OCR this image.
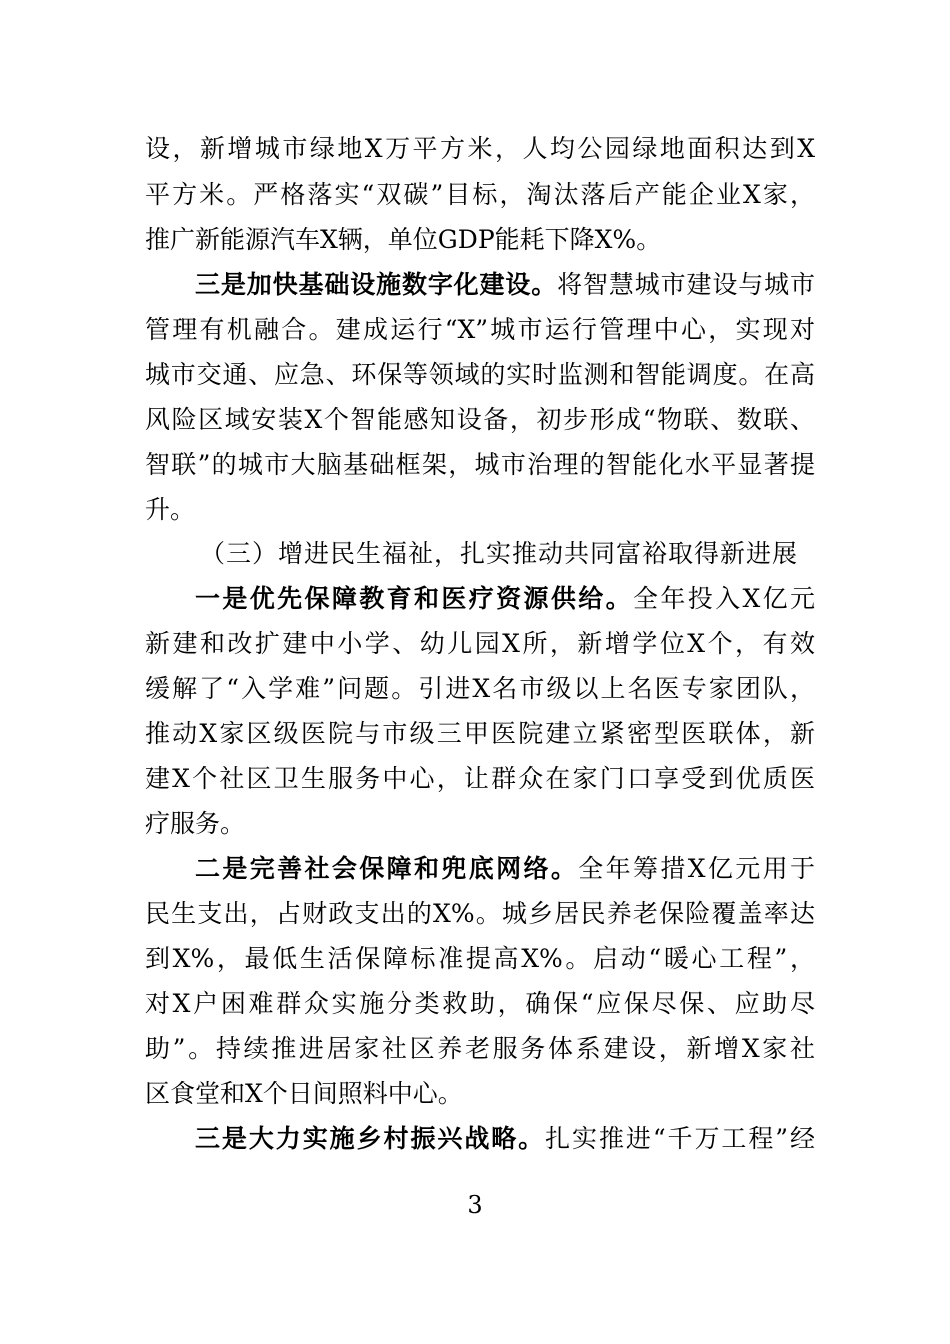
设，新增城市绿地X万平方米，人均公园绿地面积达到X
平方米。严格落实“双碳”目标，淘汰落后产能企业X家，
推广新能源汽车X辆，单位GDP能耗下降X%。
三是加快基础设施数字化建设。将智慧城市建设与城市
管理有机融合。建成运行“X”城市运行管理中心，实现对
城市交通、应急、环保等领域的实时监测和智能调度。在高
风险区域安装X个智能感知设备，初步形成“物联、数联、
智联”的城市大脑基础框架，城市治理的智能化水平显著提
升。
（三）增进民生福祉，扎实推动共同富裕取得新进展
一是优先保障教育和医疗资源供给。全年投入X亿元
新建和改扩建中小学、幼儿园X所，新增学位X个，有效
缓解了“入学难”问题。引进X名市级以上名医专家团队，
推动X家区级医院与市级三甲医院建立紧密型医联体，新
建X个社区卫生服务中心，让群众在家门口享受到优质医
疗服务。
二是完善社会保障和兜底网络。全年筹措X亿元用于
民生支出，占财政支出的X%。城乡居民养老保险覆盖率达
到X%，最低生活保障标准提高X%。启动“暖心工程”，
对X户困难群众实施分类救助，确保“应保尽保、应助尽
助”。持续推进居家社区养老服务体系建设，新增X家社
区食堂和X个日间照料中心。
三是大力实施乡村振兴战略。扎实推进“千万工程”经
3
